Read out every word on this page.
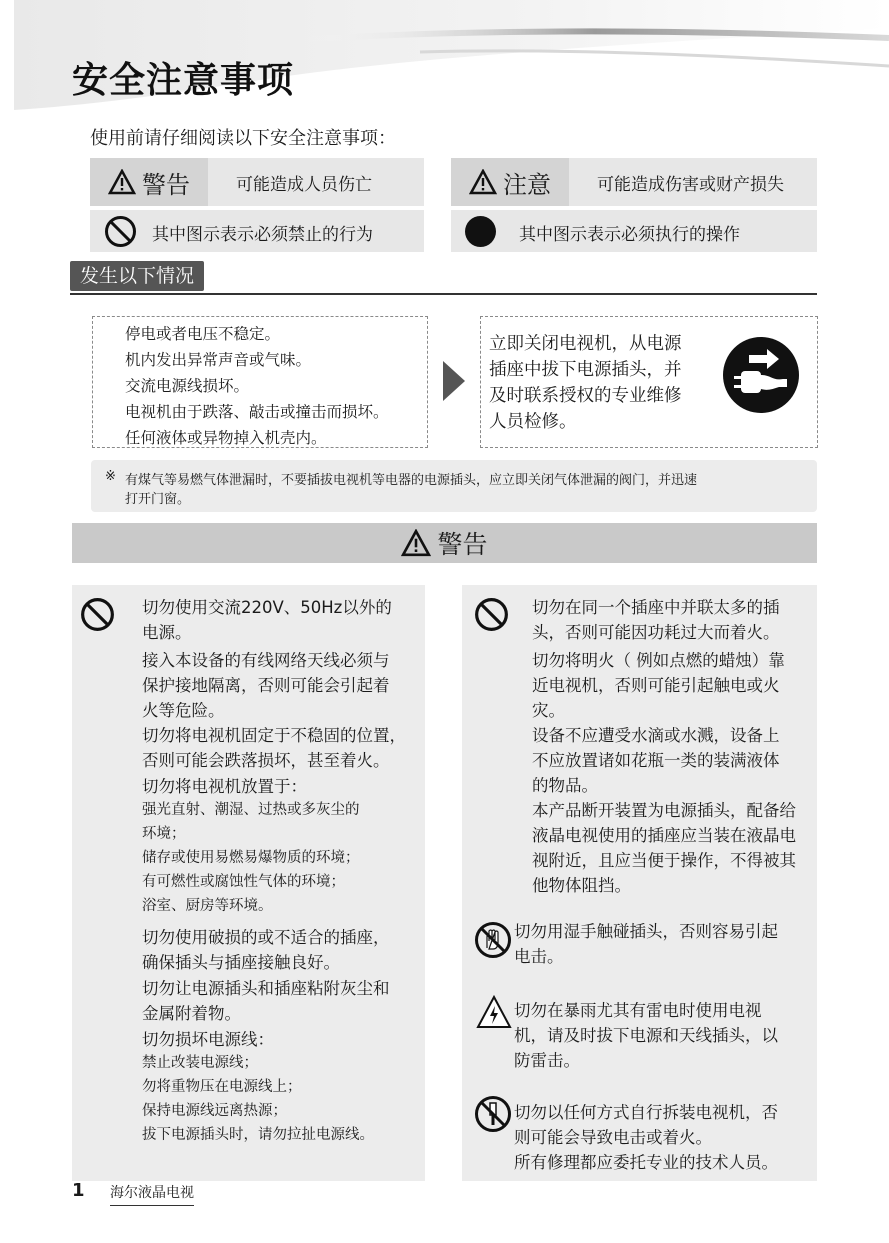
安全注意事项
使用前请仔细阅读以下安全注意事项：
警告	可能造成人员伤亡	注意	可能造成伤害或财产损失
其中图示表示必须禁止的行为	其中图示表示必须执行的操作
发生以下情况
停电或者电压不稳定。
机内发出异常声音或气味。
交流电源线损坏。
电视机由于跌落、敲击或撞击而损坏。
任何液体或异物掉入机壳内。
立即关闭电视机，从电源
插座中拔下电源插头，并
及时联系授权的专业维修
人员检修。
※ 有煤气等易燃气体泄漏时，不要插拔电视机等电器的电源插头，应立即关闭气体泄漏的阀门，并迅速
打开门窗。
警告
切勿使用交流220V、50Hz以外的
电源。
接入本设备的有线网络天线必须与
保护接地隔离，否则可能会引起着
火等危险。
切勿将电视机固定于不稳固的位置，
否则可能会跌落损坏，甚至着火。
切勿将电视机放置于：
强光直射、潮湿、过热或多灰尘的
环境；
储存或使用易燃易爆物质的环境；
有可燃性或腐蚀性气体的环境；
浴室、厨房等环境。
切勿使用破损的或不适合的插座，
确保插头与插座接触良好。
切勿让电源插头和插座粘附灰尘和
金属附着物。
切勿损坏电源线：
禁止改装电源线；
勿将重物压在电源线上；
保持电源线远离热源；
拔下电源插头时，请勿拉扯电源线。
切勿在同一个插座中并联太多的插
头，否则可能因功耗过大而着火。
切勿将明火（ 例如点燃的蜡烛）靠
近电视机，否则可能引起触电或火
灾。
设备不应遭受水滴或水溅，设备上
不应放置诸如花瓶一类的装满液体
的物品。
本产品断开装置为电源插头，配备给
液晶电视使用的插座应当装在液晶电
视附近，且应当便于操作，不得被其
他物体阻挡。
切勿用湿手触碰插头，否则容易引起
电击。
切勿在暴雨尤其有雷电时使用电视
机，请及时拔下电源和天线插头，以
防雷击。
切勿以任何方式自行拆装电视机，否
则可能会导致电击或着火。
所有修理都应委托专业的技术人员。
1 海尔液晶电视
